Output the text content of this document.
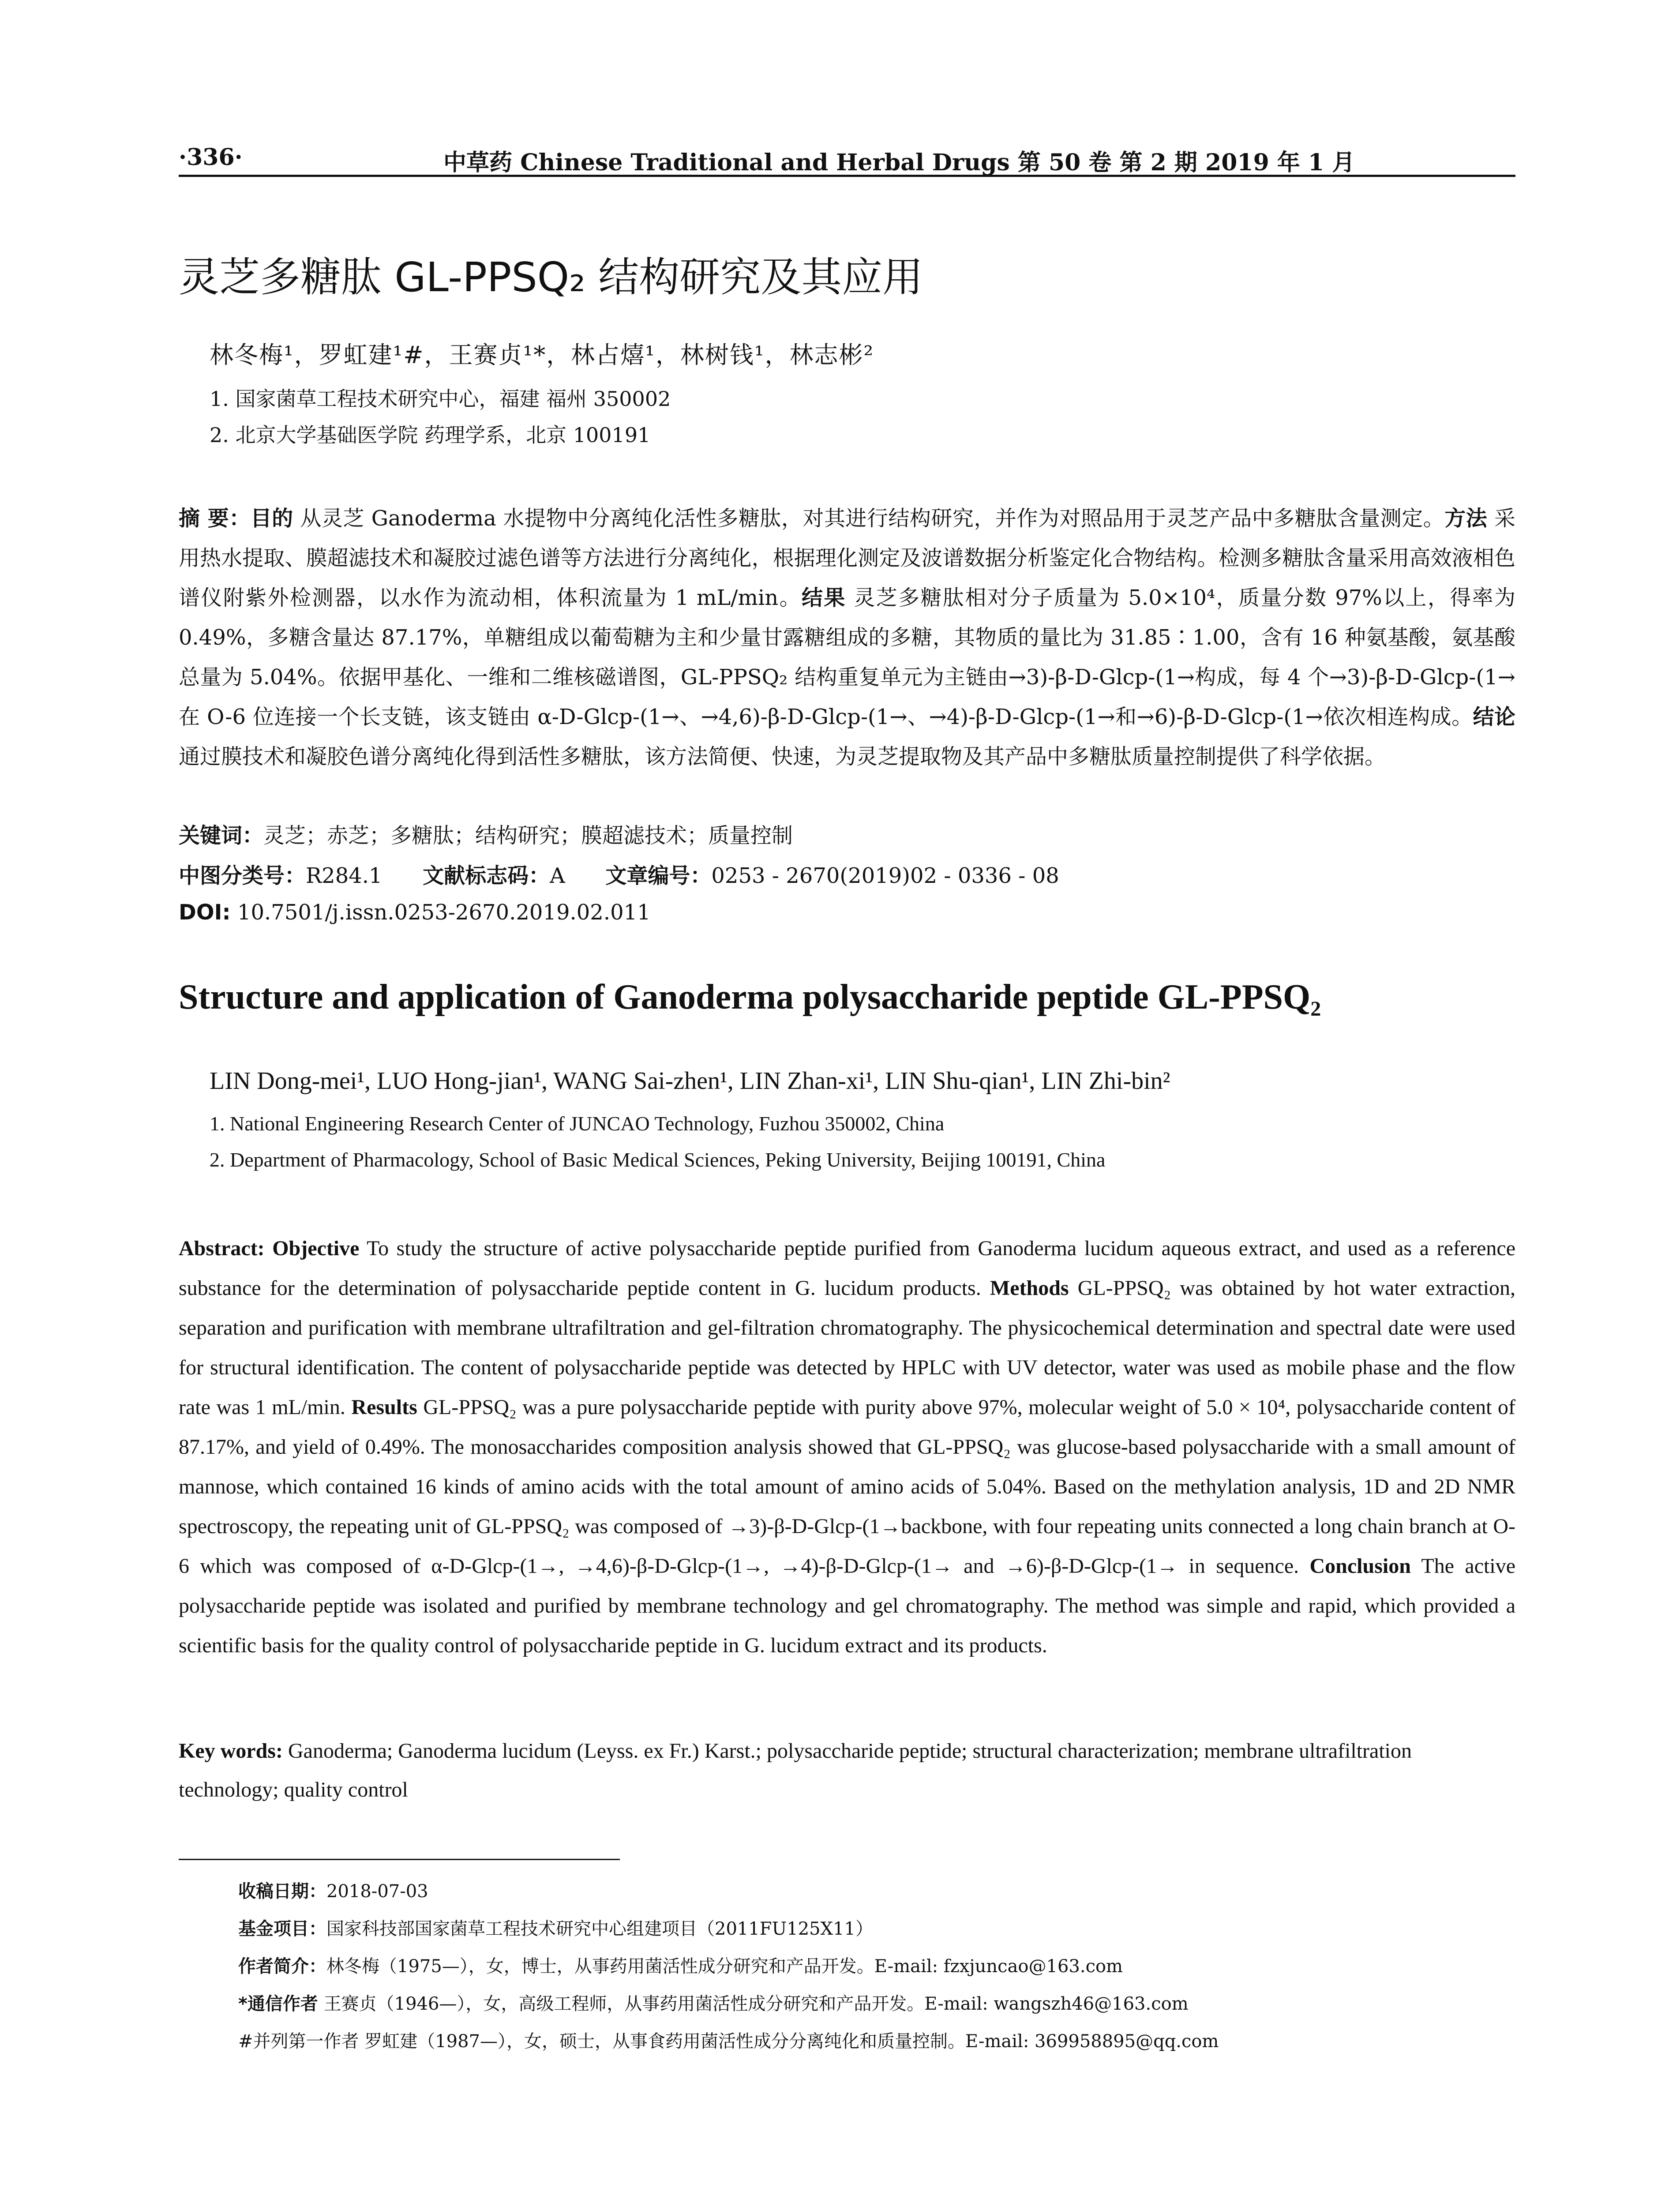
·336·	中草药 Chinese Traditional and Herbal Drugs 第 50 卷 第 2 期 2019 年 1 月
灵芝多糖肽 GL-PPSQ₂ 结构研究及其应用
林冬梅¹，罗虹建¹#，王赛贞¹*，林占熺¹，林树钱¹，林志彬²
1. 国家菌草工程技术研究中心，福建 福州 350002
2. 北京大学基础医学院 药理学系，北京 100191
摘 要：目的 从灵芝 Ganoderma 水提物中分离纯化活性多糖肽，对其进行结构研究，并作为对照品用于灵芝产品中多糖肽含量测定。方法 采用热水提取、膜超滤技术和凝胶过滤色谱等方法进行分离纯化，根据理化测定及波谱数据分析鉴定化合物结构。检测多糖肽含量采用高效液相色谱仪附紫外检测器，以水作为流动相，体积流量为 1 mL/min。结果 灵芝多糖肽相对分子质量为 5.0×10⁴，质量分数 97%以上，得率为 0.49%，多糖含量达 87.17%，单糖组成以葡萄糖为主和少量甘露糖组成的多糖，其物质的量比为 31.85∶1.00，含有 16 种氨基酸，氨基酸总量为 5.04%。依据甲基化、一维和二维核磁谱图，GL-PPSQ₂ 结构重复单元为主链由→3)-β-D-Glcp-(1→构成，每 4 个→3)-β-D-Glcp-(1→在 O-6 位连接一个长支链，该支链由 α-D-Glcp-(1→、→4,6)-β-D-Glcp-(1→、→4)-β-D-Glcp-(1→和→6)-β-D-Glcp-(1→依次相连构成。结论 通过膜技术和凝胶色谱分离纯化得到活性多糖肽，该方法简便、快速，为灵芝提取物及其产品中多糖肽质量控制提供了科学依据。
关键词：灵芝；赤芝；多糖肽；结构研究；膜超滤技术；质量控制
中图分类号：R284.1 文献标志码：A 文章编号：0253 - 2670(2019)02 - 0336 - 08
DOI: 10.7501/j.issn.0253-2670.2019.02.011
Structure and application of Ganoderma polysaccharide peptide GL-PPSQ₂
LIN Dong-mei¹, LUO Hong-jian¹, WANG Sai-zhen¹, LIN Zhan-xi¹, LIN Shu-qian¹, LIN Zhi-bin²
1. National Engineering Research Center of JUNCAO Technology, Fuzhou 350002, China
2. Department of Pharmacology, School of Basic Medical Sciences, Peking University, Beijing 100191, China
Abstract: Objective To study the structure of active polysaccharide peptide purified from Ganoderma lucidum aqueous extract, and used as a reference substance for the determination of polysaccharide peptide content in G. lucidum products. Methods GL-PPSQ₂ was obtained by hot water extraction, separation and purification with membrane ultrafiltration and gel-filtration chromatography. The physicochemical determination and spectral date were used for structural identification. The content of polysaccharide peptide was detected by HPLC with UV detector, water was used as mobile phase and the flow rate was 1 mL/min. Results GL-PPSQ₂ was a pure polysaccharide peptide with purity above 97%, molecular weight of 5.0 × 10⁴, polysaccharide content of 87.17%, and yield of 0.49%. The monosaccharides composition analysis showed that GL-PPSQ₂ was glucose-based polysaccharide with a small amount of mannose, which contained 16 kinds of amino acids with the total amount of amino acids of 5.04%. Based on the methylation analysis, 1D and 2D NMR spectroscopy, the repeating unit of GL-PPSQ₂ was composed of →3)-β-D-Glcp-(1→backbone, with four repeating units connected a long chain branch at O-6 which was composed of α-D-Glcp-(1→, →4,6)-β-D-Glcp-(1→, →4)-β-D-Glcp-(1→ and →6)-β-D-Glcp-(1→ in sequence. Conclusion The active polysaccharide peptide was isolated and purified by membrane technology and gel chromatography. The method was simple and rapid, which provided a scientific basis for the quality control of polysaccharide peptide in G. lucidum extract and its products.
Key words: Ganoderma; Ganoderma lucidum (Leyss. ex Fr.) Karst.; polysaccharide peptide; structural characterization; membrane ultrafiltration technology; quality control
收稿日期：2018-07-03
基金项目：国家科技部国家菌草工程技术研究中心组建项目（2011FU125X11）
作者简介：林冬梅（1975—），女，博士，从事药用菌活性成分研究和产品开发。E-mail: fzxjuncao@163.com
*通信作者 王赛贞（1946—），女，高级工程师，从事药用菌活性成分研究和产品开发。E-mail: wangszh46@163.com
#并列第一作者 罗虹建（1987—），女，硕士，从事食药用菌活性成分分离纯化和质量控制。E-mail: 369958895@qq.com
